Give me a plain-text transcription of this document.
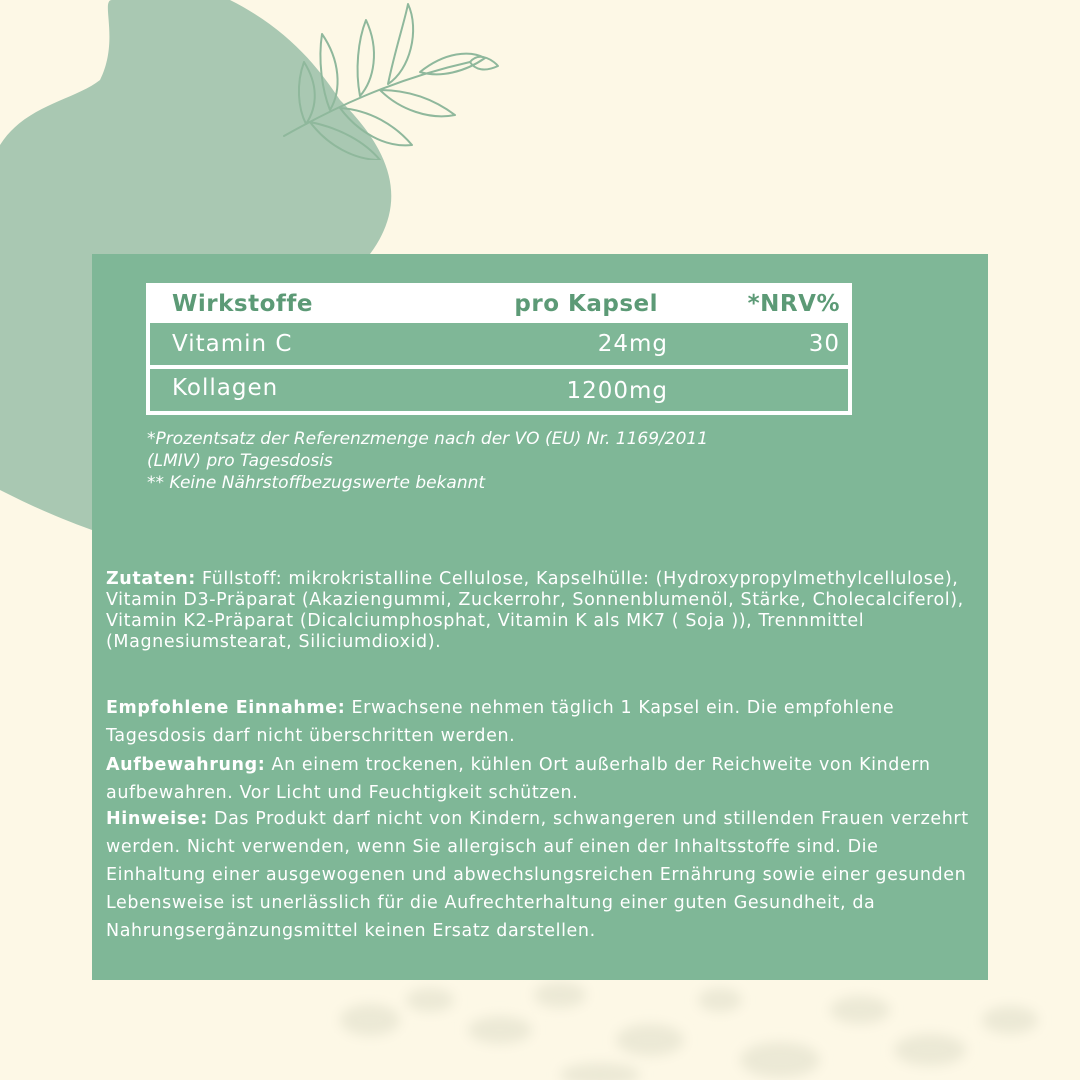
Wirkstoffe	pro Kapsel	*NRV%
Vitamin C	24mg	30
Kollagen	1200mg
*Prozentsatz der Referenzmenge nach der VO (EU) Nr. 1169/2011
(LMIV) pro Tagesdosis
** Keine Nährstoffbezugswerte bekannt
Zutaten: Füllstoff: mikrokristalline Cellulose, Kapselhülle: (Hydroxypropylmethylcellulose), Vitamin D3-Präparat (Akaziengummi, Zuckerrohr, Sonnenblumenöl, Stärke, Cholecalciferol), Vitamin K2-Präparat (Dicalciumphosphat, Vitamin K als MK7 ( Soja )), Trennmittel (Magnesiumstearat, Siliciumdioxid).
Empfohlene Einnahme: Erwachsene nehmen täglich 1 Kapsel ein. Die empfohlene Tagesdosis darf nicht überschritten werden.
Aufbewahrung: An einem trockenen, kühlen Ort außerhalb der Reichweite von Kindern aufbewahren. Vor Licht und Feuchtigkeit schützen.
Hinweise: Das Produkt darf nicht von Kindern, schwangeren und stillenden Frauen verzehrt werden. Nicht verwenden, wenn Sie allergisch auf einen der Inhaltsstoffe sind. Die Einhaltung einer ausgewogenen und abwechslungsreichen Ernährung sowie einer gesunden Lebensweise ist unerlässlich für die Aufrechterhaltung einer guten Gesundheit, da Nahrungsergänzungsmittel keinen Ersatz darstellen.
